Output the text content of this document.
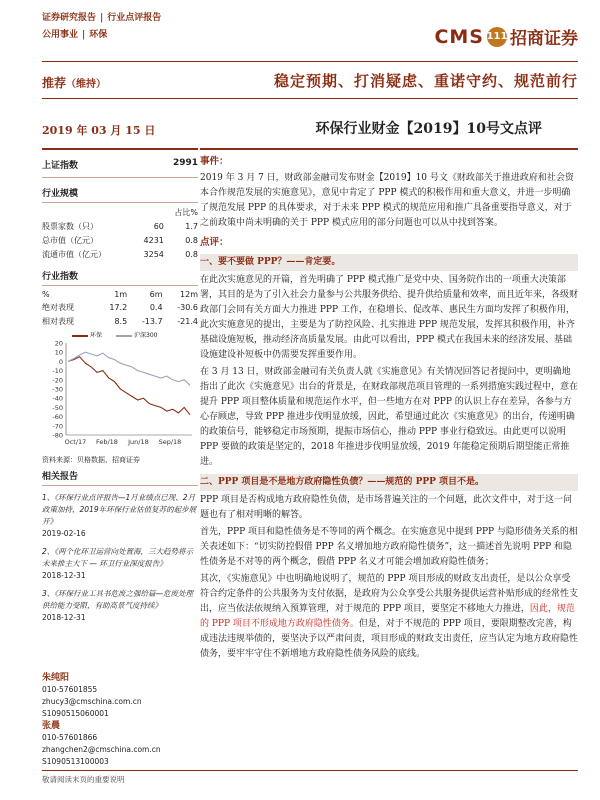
证券研究报告 | 行业点评报告
公用事业 | 环保	CMS 111 招商证券
推荐（维持）	稳定预期、打消疑虑、重诺守约、规范前行
2019 年 03 月 15 日	环保行业财金【2019】10号文点评
上证指数	2991
行业规模
		占比%
股票家数（只）	60	1.7
总市值（亿元）	4231	0.8
流通市值（亿元）	3254	0.8
行业指数
%	1m	6m	12m
绝对表现	17.2	0.4	-30.6
相对表现	8.5	-13.7	-21.4
环保	沪深300
20
10
0
-10
-20
-30
-40
-50
-60
-70
-80
Oct/17 Feb/18 Jun/18 Sep/18
资料来源：贝格数据、招商证券
相关报告
1、《环保行业点评报告—1月业绩点已现、2月政策加持，2019年环保行业估值复苏的起步展开》
2019-02-16
2、《两个化环卫运营向处置海，三大趋势将示未来推主大下 — 环卫行业深度报告》
2018-12-31
3、《环保行业工具书危废之强给篇—危废处理供给能力受限，有助高景气度持续》
2018-12-31
朱纯阳
010-57601855
zhucy3@cmschina.com.cn
S1090515060001
张晨
010-57601866
zhangchen2@cmschina.com.cn
S1090513100003
事件：

2019 年 3 月 7 日，财政部金融司发布财金【2019】10 号文《财政部关于推进政府和社会资本合作规范发展的实施意见》，意见中肯定了 PPP 模式的积极作用和重大意义，并进一步明确了规范发展 PPP 的具体要求，对于未来 PPP 模式的规范应用和推广具备重要指导意义，对于之前政策中尚未明确的关于 PPP 模式应用的部分问题也可以从中找到答案。

点评：
一、要不要做 PPP？——肯定要。

在此次实施意见的开篇，首先明确了 PPP 模式推广是党中央、国务院作出的一项重大决策部署，其目的是为了引入社会力量参与公共服务供给、提升供给质量和效率，而且近年来，各级财政部门会同有关方面大力推进 PPP 工作，在稳增长、促改革、惠民生方面均发挥了积极作用，此次实施意见的提出，主要是为了防控风险、扎实推进 PPP 规范发展，发挥其积极作用，补齐基础设施短板，推动经济高质量发展。由此可以看出，PPP 模式在我国未来的经济发展、基础设施建设补短板中仍需要发挥重要作用。

在 3 月 13 日，财政部金融司有关负责人就《实施意见》有关情况回答记者提问中，更明确地指出了此次《实施意见》出台的背景是，在财政部规范项目管理的一系列措施实践过程中，意在提升 PPP 项目整体质量和规范运作水平，但一些地方在对 PPP 的认识上存在差异，各参与方心存顾虑，导致 PPP 推进步伐明显放缓，因此，希望通过此次《实施意见》的出台，传递明确的政策信号，能够稳定市场预期，提振市场信心，推动 PPP 事业行稳致远。由此更可以说明 PPP 要做的政策是坚定的，2018 年推进步伐明显放缓，2019 年能稳定预期后期望能正常推进。

二、PPP 项目是不是地方政府隐性负债？——规范的 PPP 项目不是。

PPP 项目是否构成地方政府隐性负债，是市场普遍关注的一个问题，此次文件中，对于这一问题也有了相对明晰的解答。

首先，PPP 项目和隐性债务是不等同的两个概念。在实施意见中提到 PPP 与隐形债务关系的相关表述如下：“切实防控假借 PPP 名义增加地方政府隐性债务”，这一描述首先说明 PPP 和隐性债务是不对等的两个概念，假借 PPP 名义才可能会增加政府隐性债务；

其次，《实施意见》中也明确地说明了，规范的 PPP 项目形成的财政支出责任，是以公众享受符合约定条件的公共服务为支付依据，是政府为公众享受公共服务提供运营补贴形成的经常性支出，应当依法依规纳入预算管理，对于规范的 PPP 项目，要坚定不移地大力推进，因此，规范的 PPP 项目不形成地方政府隐性债务。但是，对于不规范的 PPP 项目，要限期整改完善，构成违法违规举债的，要坚决予以严肃问责，项目形成的财政支出责任，应当认定为地方政府隐性债务，要牢牢守住不新增地方政府隐性债务风险的底线。

敬请阅读末页的重要说明
